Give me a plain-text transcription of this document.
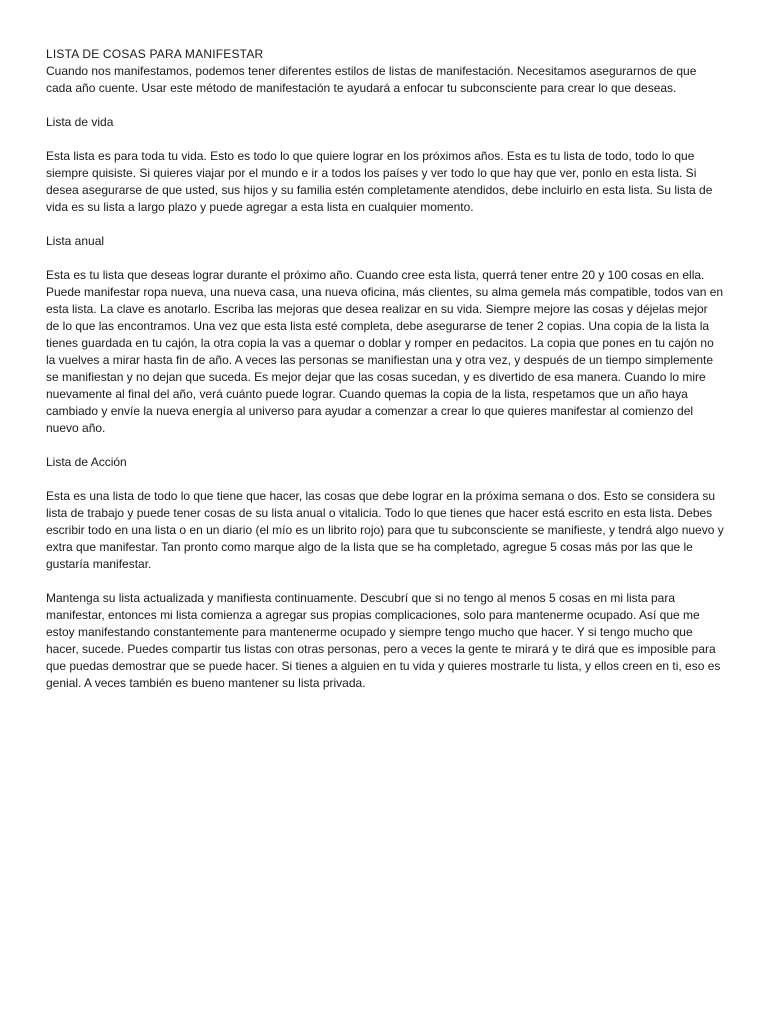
LISTA DE COSAS PARA MANIFESTAR

Cuando nos manifestamos, podemos tener diferentes estilos de listas de manifestación. Necesitamos asegurarnos de que cada año cuente. Usar este método de manifestación te ayudará a enfocar tu subconsciente para crear lo que deseas.

Lista de vida

Esta lista es para toda tu vida. Esto es todo lo que quiere lograr en los próximos años. Esta es tu lista de todo, todo lo que siempre quisiste. Si quieres viajar por el mundo e ir a todos los países y ver todo lo que hay que ver, ponlo en esta lista. Si desea asegurarse de que usted, sus hijos y su familia estén completamente atendidos, debe incluirlo en esta lista. Su lista de vida es su lista a largo plazo y puede agregar a esta lista en cualquier momento.

Lista anual

Esta es tu lista que deseas lograr durante el próximo año. Cuando cree esta lista, querrá tener entre 20 y 100 cosas en ella. Puede manifestar ropa nueva, una nueva casa, una nueva oficina, más clientes, su alma gemela más compatible, todos van en esta lista. La clave es anotarlo. Escriba las mejoras que desea realizar en su vida. Siempre mejore las cosas y déjelas mejor de lo que las encontramos. Una vez que esta lista esté completa, debe asegurarse de tener 2 copias. Una copia de la lista la tienes guardada en tu cajón, la otra copia la vas a quemar o doblar y romper en pedacitos. La copia que pones en tu cajón no la vuelves a mirar hasta fin de año. A veces las personas se manifiestan una y otra vez, y después de un tiempo simplemente se manifiestan y no dejan que suceda. Es mejor dejar que las cosas sucedan, y es divertido de esa manera. Cuando lo mire nuevamente al final del año, verá cuánto puede lograr. Cuando quemas la copia de la lista, respetamos que un año haya cambiado y envíe la nueva energía al universo para ayudar a comenzar a crear lo que quieres manifestar al comienzo del nuevo año.

Lista de Acción

Esta es una lista de todo lo que tiene que hacer, las cosas que debe lograr en la próxima semana o dos. Esto se considera su lista de trabajo y puede tener cosas de su lista anual o vitalicia. Todo lo que tienes que hacer está escrito en esta lista. Debes escribir todo en una lista o en un diario (el mío es un librito rojo) para que tu subconsciente se manifieste, y tendrá algo nuevo y extra que manifestar. Tan pronto como marque algo de la lista que se ha completado, agregue 5 cosas más por las que le gustaría manifestar.

Mantenga su lista actualizada y manifiesta continuamente. Descubrí que si no tengo al menos 5 cosas en mi lista para manifestar, entonces mi lista comienza a agregar sus propias complicaciones, solo para mantenerme ocupado. Así que me estoy manifestando constantemente para mantenerme ocupado y siempre tengo mucho que hacer. Y si tengo mucho que hacer, sucede. Puedes compartir tus listas con otras personas, pero a veces la gente te mirará y te dirá que es imposible para que puedas demostrar que se puede hacer. Si tienes a alguien en tu vida y quieres mostrarle tu lista, y ellos creen en ti, eso es genial. A veces también es bueno mantener su lista privada.
